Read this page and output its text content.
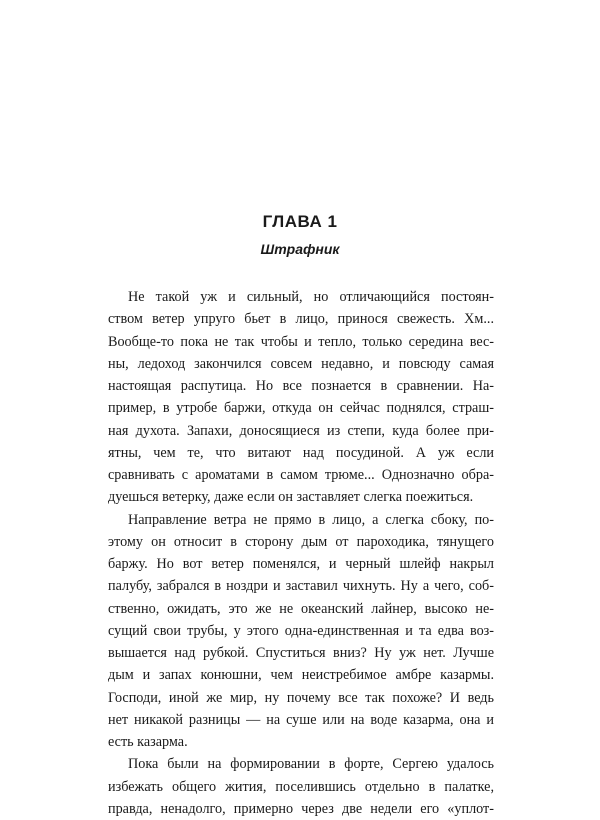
ГЛАВА 1
Штрафник
Не такой уж и сильный, но отличающийся постоян-
ством ветер упруго бьет в лицо, принося свежесть. Хм...
Вообще-то пока не так чтобы и тепло, только середина вес-
ны, ледоход закончился совсем недавно, и повсюду самая
настоящая распутица. Но все познается в сравнении. На-
пример, в утробе баржи, откуда он сейчас поднялся, страш-
ная духота. Запахи, доносящиеся из степи, куда более при-
ятны, чем те, что витают над посудиной. А уж если
сравнивать с ароматами в самом трюме... Однозначно обра-
дуешься ветерку, даже если он заставляет слегка поежиться.
Направление ветра не прямо в лицо, а слегка сбоку, по-
этому он относит в сторону дым от пароходика, тянущего
баржу. Но вот ветер поменялся, и черный шлейф накрыл
палубу, забрался в ноздри и заставил чихнуть. Ну а чего, соб-
ственно, ожидать, это же не океанский лайнер, высоко не-
сущий свои трубы, у этого одна-единственная и та едва воз-
вышается над рубкой. Спуститься вниз? Ну уж нет. Лучше
дым и запах конюшни, чем неистребимое амбре казармы.
Господи, иной же мир, ну почему все так похоже? И ведь
нет никакой разницы — на суше или на воде казарма, она и
есть казарма.
Пока были на формировании в форте, Сергею удалось
избежать общего жития, поселившись отдельно в палатке,
правда, ненадолго, примерно через две недели его «уплот-
